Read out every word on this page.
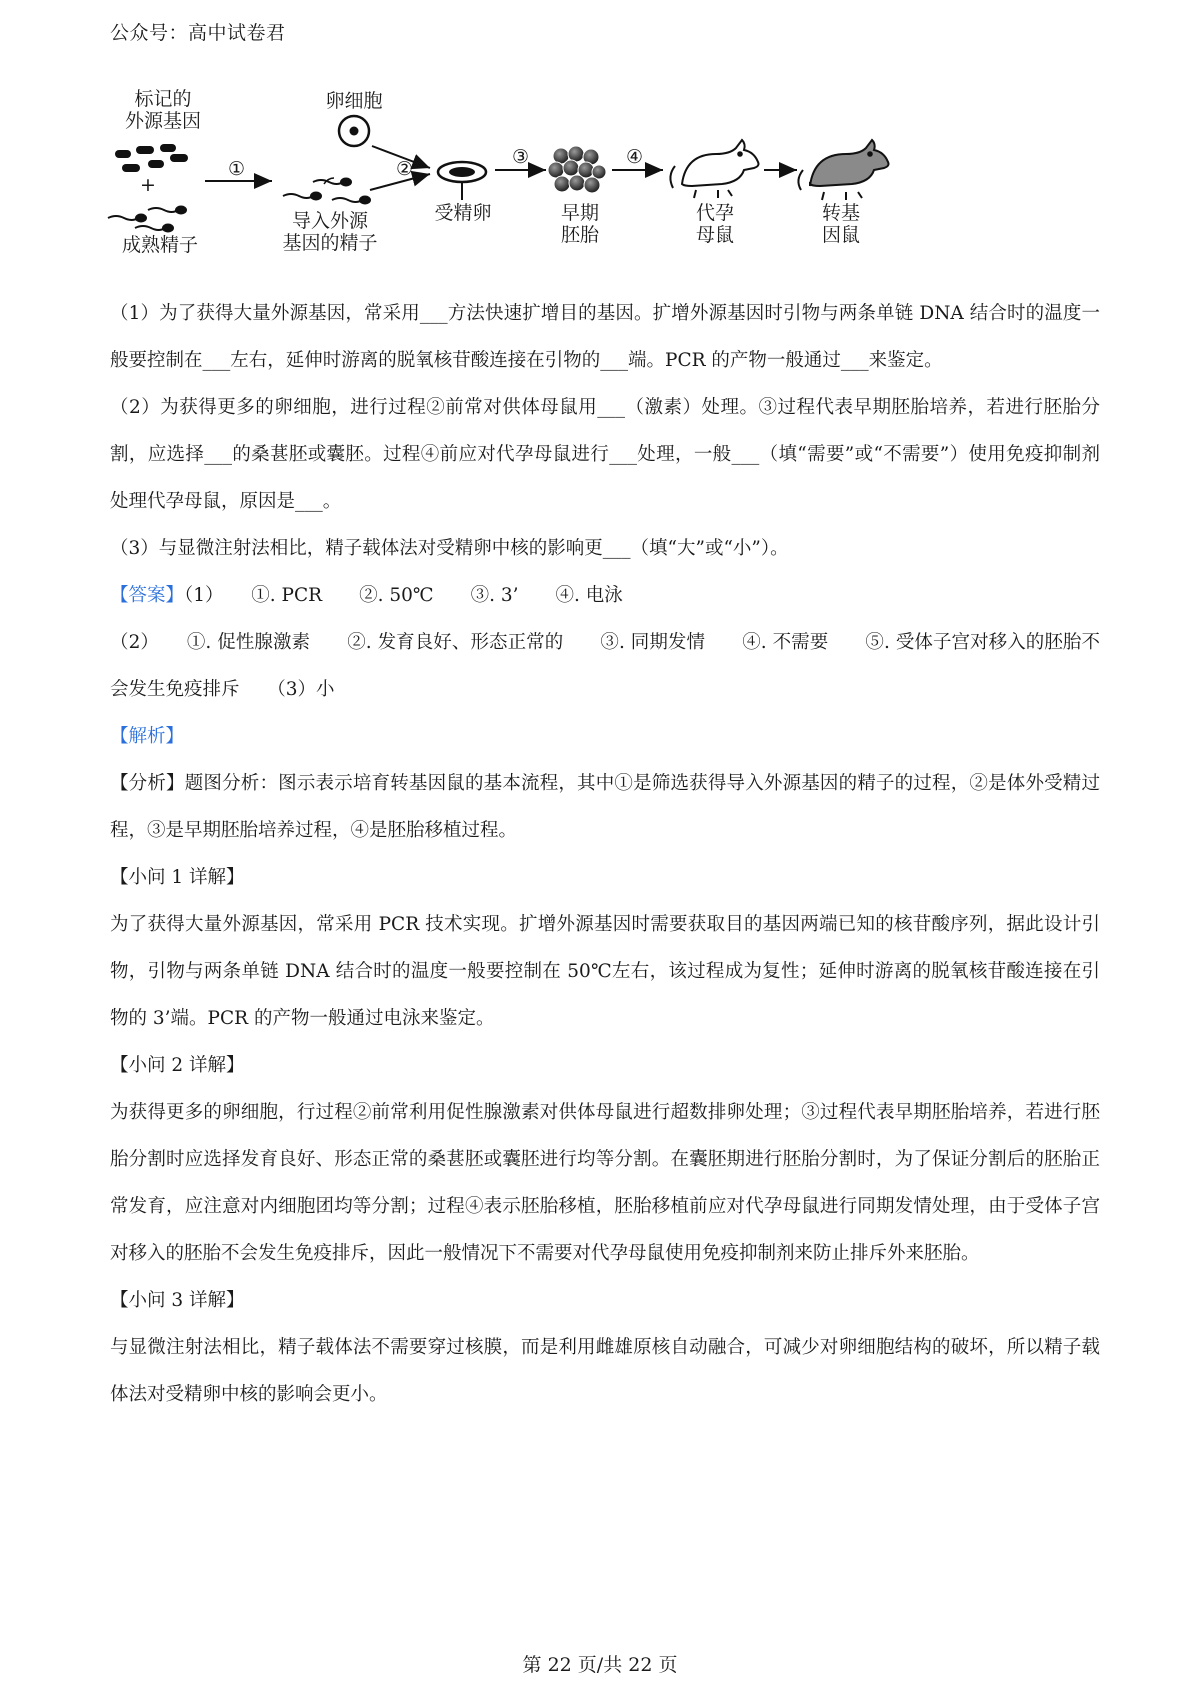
公众号：高中试卷君
标记的
外源基因
+
成熟精子
卵细胞
导入外源
基因的精子
受精卵	早期
胚胎
代孕
母鼠
转基
因鼠
①	②
③	④

（1）为了获得大量外源基因，常采用___方法快速扩增目的基因。扩增外源基因时引物与两条单链 DNA 结合时的温度一般要控制在___左右，延伸时游离的脱氧核苷酸连接在引物的___端。PCR 的产物一般通过___来鉴定。

（2）为获得更多的卵细胞，进行过程②前常对供体母鼠用___（激素）处理。③过程代表早期胚胎培养，若进行胚胎分割，应选择___的桑葚胚或囊胚。过程④前应对代孕母鼠进行___处理，一般___（填“需要”或“不需要”）使用免疫抑制剂处理代孕母鼠，原因是___。

（3）与显微注射法相比，精子载体法对受精卵中核的影响更___（填“大”或“小”）。

【答案】（1）　　①. PCR　　②. 50℃　　③. 3’　　④. 电泳

（2）　　①. 促性腺激素　　②. 发育良好、形态正常的　　③. 同期发情　　④. 不需要　　⑤. 受体子宫对移入的胚胎不会发生免疫排斥　　（3）小

【解析】

【分析】题图分析：图示表示培育转基因鼠的基本流程，其中①是筛选获得导入外源基因的精子的过程，②是体外受精过程，③是早期胚胎培养过程，④是胚胎移植过程。

【小问 1 详解】

为了获得大量外源基因，常采用 PCR 技术实现。扩增外源基因时需要获取目的基因两端已知的核苷酸序列，据此设计引物，引物与两条单链 DNA 结合时的温度一般要控制在 50℃左右，该过程成为复性；延伸时游离的脱氧核苷酸连接在引物的 3’端。PCR 的产物一般通过电泳来鉴定。

【小问 2 详解】

为获得更多的卵细胞，行过程②前常利用促性腺激素对供体母鼠进行超数排卵处理；③过程代表早期胚胎培养，若进行胚胎分割时应选择发育良好、形态正常的桑葚胚或囊胚进行均等分割。在囊胚期进行胚胎分割时，为了保证分割后的胚胎正常发育，应注意对内细胞团均等分割；过程④表示胚胎移植，胚胎移植前应对代孕母鼠进行同期发情处理，由于受体子宫对移入的胚胎不会发生免疫排斥，因此一般情况下不需要对代孕母鼠使用免疫抑制剂来防止排斥外来胚胎。

【小问 3 详解】

与显微注射法相比，精子载体法不需要穿过核膜，而是利用雌雄原核自动融合，可减少对卵细胞结构的破坏，所以精子载体法对受精卵中核的影响会更小。

第 22 页/共 22 页
